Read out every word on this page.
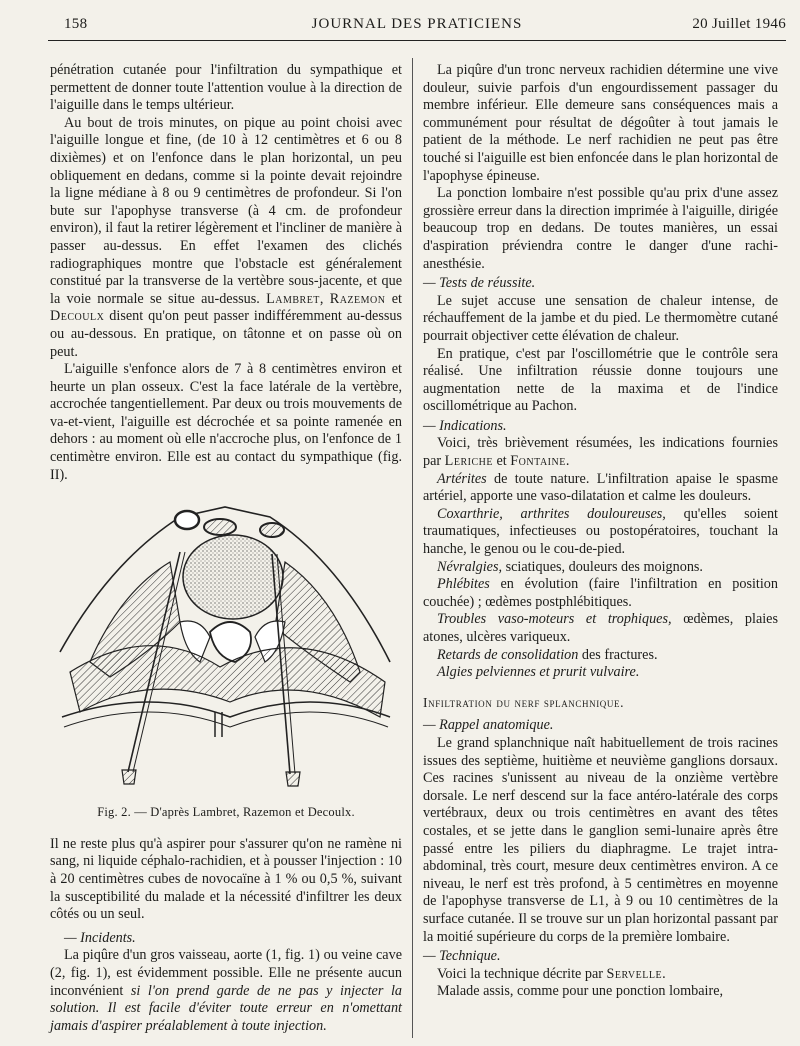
158	JOURNAL DES PRATICIENS	20 Juillet 1946

pénétration cutanée pour l'infiltration du sympathique et permettent de donner toute l'attention voulue à la direction de l'aiguille dans le temps ultérieur.

Au bout de trois minutes, on pique au point choisi avec l'aiguille longue et fine, (de 10 à 12 centimètres et 6 ou 8 dixièmes) et on l'enfonce dans le plan horizontal, un peu obliquement en dedans, comme si la pointe devait rejoindre la ligne médiane à 8 ou 9 centimètres de profondeur. Si l'on bute sur l'apophyse transverse (à 4 cm. de profondeur environ), il faut la retirer légèrement et l'incliner de manière à passer au-dessus. En effet l'examen des clichés radiographiques montre que l'obstacle est généralement constitué par la transverse de la vertèbre sous-jacente, et que la voie normale se situe au-dessus. Lambret, Razemon et Decoulx disent qu'on peut passer indifféremment au-dessus ou au-dessous. En pratique, on tâtonne et on passe où on peut.

L'aiguille s'enfonce alors de 7 à 8 centimètres environ et heurte un plan osseux. C'est la face latérale de la vertèbre, accrochée tangentiellement. Par deux ou trois mouvements de va-et-vient, l'aiguille est décrochée et sa pointe ramenée en dehors : au moment où elle n'accroche plus, on l'enfonce de 1 centimètre environ. Elle est au contact du sympathique (fig. II).

Fig. 2. — D'après Lambret, Razemon et Decoulx.

Il ne reste plus qu'à aspirer pour s'assurer qu'on ne ramène ni sang, ni liquide céphalo-rachidien, et à pousser l'injection : 10 à 20 centimètres cubes de novocaïne à 1 % ou 0,5 %, suivant la susceptibilité du malade et la nécessité d'infiltrer les deux côtés ou un seul.

— Incidents.

La piqûre d'un gros vaisseau, aorte (1, fig. 1) ou veine cave (2, fig. 1), est évidemment possible. Elle ne présente aucun inconvénient si l'on prend garde de ne pas y injecter la solution. Il est facile d'éviter toute erreur en n'omettant jamais d'aspirer préalablement à toute injection.

La piqûre d'un tronc nerveux rachidien détermine une vive douleur, suivie parfois d'un engourdissement passager du membre inférieur. Elle demeure sans conséquences mais a communément pour résultat de dégoûter à tout jamais le patient de la méthode. Le nerf rachidien ne peut pas être touché si l'aiguille est bien enfoncée dans le plan horizontal de l'apophyse épineuse.

La ponction lombaire n'est possible qu'au prix d'une assez grossière erreur dans la direction imprimée à l'aiguille, dirigée beaucoup trop en dedans. De toutes manières, un essai d'aspiration préviendra contre le danger d'une rachi-anesthésie.

— Tests de réussite.

Le sujet accuse une sensation de chaleur intense, de réchauffement de la jambe et du pied. Le thermomètre cutané pourrait objectiver cette élévation de chaleur.

En pratique, c'est par l'oscillométrie que le contrôle sera réalisé. Une infiltration réussie donne toujours une augmentation nette de la maxima et de l'indice oscillométrique au Pachon.

— Indications.

Voici, très brièvement résumées, les indications fournies par Leriche et Fontaine.

Artérites de toute nature. L'infiltration apaise le spasme artériel, apporte une vaso-dilatation et calme les douleurs.

Coxarthrie, arthrites douloureuses, qu'elles soient traumatiques, infectieuses ou postopératoires, touchant la hanche, le genou ou le cou-de-pied.

Névralgies, sciatiques, douleurs des moignons.

Phlébites en évolution (faire l'infiltration en position couchée) ; œdèmes postphlébitiques.

Troubles vaso-moteurs et trophiques, œdèmes, plaies atones, ulcères variqueux.

Retards de consolidation des fractures.

Algies pelviennes et prurit vulvaire.

Infiltration du nerf splanchnique.

— Rappel anatomique.

Le grand splanchnique naît habituellement de trois racines issues des septième, huitième et neuvième ganglions dorsaux. Ces racines s'unissent au niveau de la onzième vertèbre dorsale. Le nerf descend sur la face antéro-latérale des corps vertébraux, deux ou trois centimètres en avant des têtes costales, et se jette dans le ganglion semi-lunaire après être passé entre les piliers du diaphragme. Le trajet intra-abdominal, très court, mesure deux centimètres environ. A ce niveau, le nerf est très profond, à 5 centimètres en moyenne de l'apophyse transverse de L1, à 9 ou 10 centimètres de la surface cutanée. Il se trouve sur un plan horizontal passant par la moitié supérieure du corps de la première lombaire.

— Technique.

Voici la technique décrite par Servelle.

Malade assis, comme pour une ponction lombaire,
